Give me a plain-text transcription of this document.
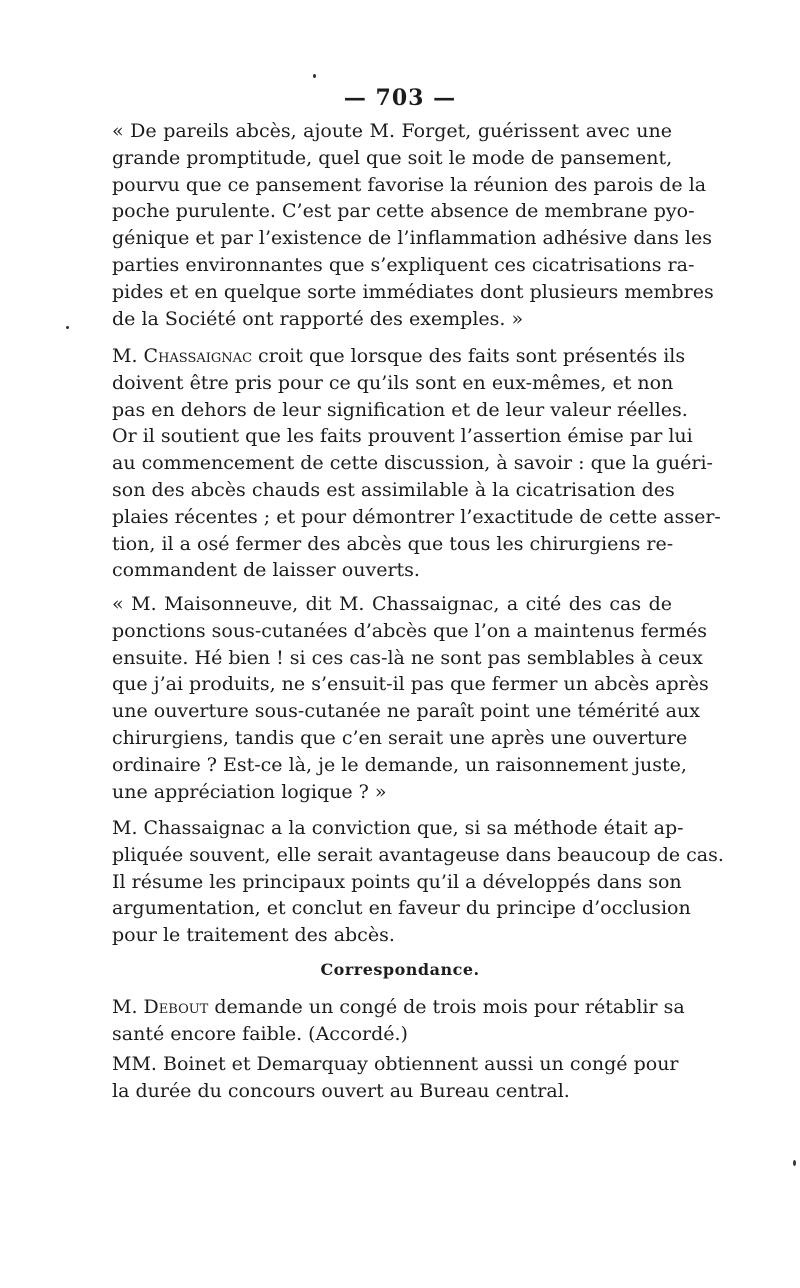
— 703 —
« De pareils abcès, ajoute M. Forget, guérissent avec une
grande promptitude, quel que soit le mode de pansement,
pourvu que ce pansement favorise la réunion des parois de la
poche purulente. C’est par cette absence de membrane pyo-
génique et par l’existence de l’inflammation adhésive dans les
parties environnantes que s’expliquent ces cicatrisations ra-
pides et en quelque sorte immédiates dont plusieurs membres
de la Société ont rapporté des exemples. »
M. Chassaignac croit que lorsque des faits sont présentés ils
doivent être pris pour ce qu’ils sont en eux-mêmes, et non
pas en dehors de leur signification et de leur valeur réelles.
Or il soutient que les faits prouvent l’assertion émise par lui
au commencement de cette discussion, à savoir : que la guéri-
son des abcès chauds est assimilable à la cicatrisation des
plaies récentes ; et pour démontrer l’exactitude de cette asser-
tion, il a osé fermer des abcès que tous les chirurgiens re-
commandent de laisser ouverts.
« M. Maisonneuve, dit M. Chassaignac, a cité des cas de
ponctions sous-cutanées d’abcès que l’on a maintenus fermés
ensuite. Hé bien ! si ces cas-là ne sont pas semblables à ceux
que j’ai produits, ne s’ensuit-il pas que fermer un abcès après
une ouverture sous-cutanée ne paraît point une témérité aux
chirurgiens, tandis que c’en serait une après une ouverture
ordinaire ? Est-ce là, je le demande, un raisonnement juste,
une appréciation logique ? »
M. Chassaignac a la conviction que, si sa méthode était ap-
pliquée souvent, elle serait avantageuse dans beaucoup de cas.
Il résume les principaux points qu’il a développés dans son
argumentation, et conclut en faveur du principe d’occlusion
pour le traitement des abcès.
Correspondance.
M. Debout demande un congé de trois mois pour rétablir sa
santé encore faible. (Accordé.)
MM. Boinet et Demarquay obtiennent aussi un congé pour
la durée du concours ouvert au Bureau central.
